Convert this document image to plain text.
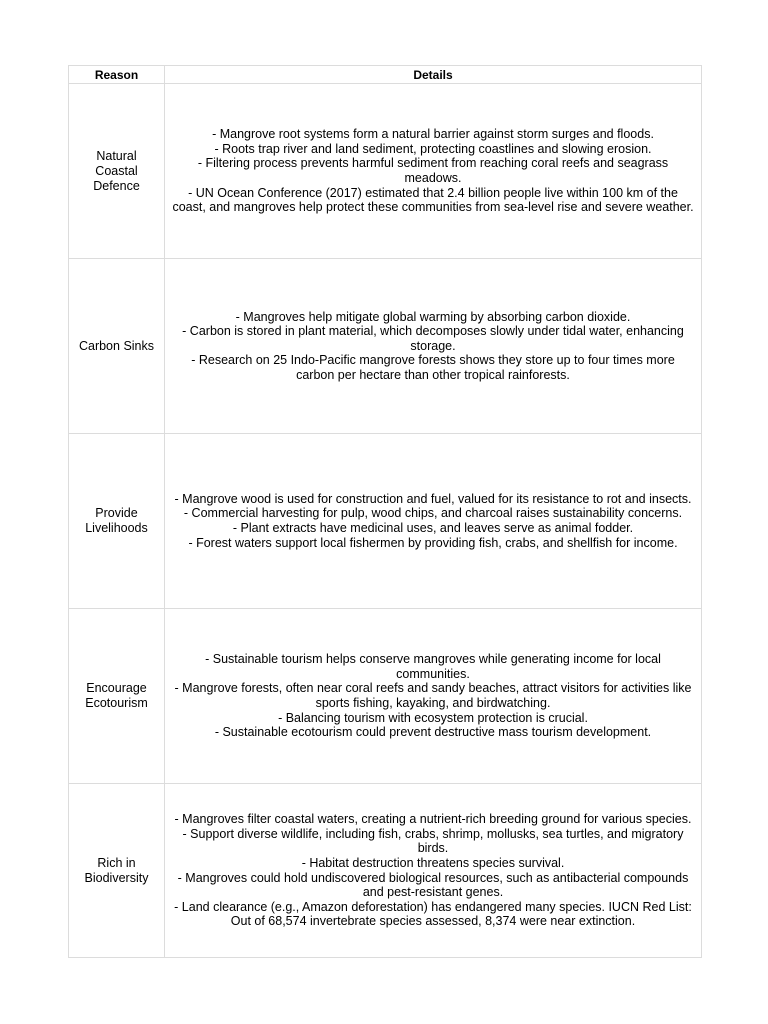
Reason	Details
Natural Coastal Defence	- Mangrove root systems form a natural barrier against storm surges and floods.
- Roots trap river and land sediment, protecting coastlines and slowing erosion.
- Filtering process prevents harmful sediment from reaching coral reefs and seagrass meadows.
- UN Ocean Conference (2017) estimated that 2.4 billion people live within 100 km of the coast, and mangroves help protect these communities from sea-level rise and severe weather.

Carbon Sinks	- Mangroves help mitigate global warming by absorbing carbon dioxide.
- Carbon is stored in plant material, which decomposes slowly under tidal water, enhancing storage.
- Research on 25 Indo-Pacific mangrove forests shows they store up to four times more carbon per hectare than other tropical rainforests.

Provide Livelihoods	- Mangrove wood is used for construction and fuel, valued for its resistance to rot and insects.
- Commercial harvesting for pulp, wood chips, and charcoal raises sustainability concerns.
- Plant extracts have medicinal uses, and leaves serve as animal fodder.
- Forest waters support local fishermen by providing fish, crabs, and shellfish for income.

Encourage Ecotourism	- Sustainable tourism helps conserve mangroves while generating income for local communities.
- Mangrove forests, often near coral reefs and sandy beaches, attract visitors for activities like sports fishing, kayaking, and birdwatching.
- Balancing tourism with ecosystem protection is crucial.
- Sustainable ecotourism could prevent destructive mass tourism development.

Rich in Biodiversity	- Mangroves filter coastal waters, creating a nutrient-rich breeding ground for various species.
- Support diverse wildlife, including fish, crabs, shrimp, mollusks, sea turtles, and migratory birds.
- Habitat destruction threatens species survival.
- Mangroves could hold undiscovered biological resources, such as antibacterial compounds and pest-resistant genes.
- Land clearance (e.g., Amazon deforestation) has endangered many species. IUCN Red List: Out of 68,574 invertebrate species assessed, 8,374 were near extinction.
